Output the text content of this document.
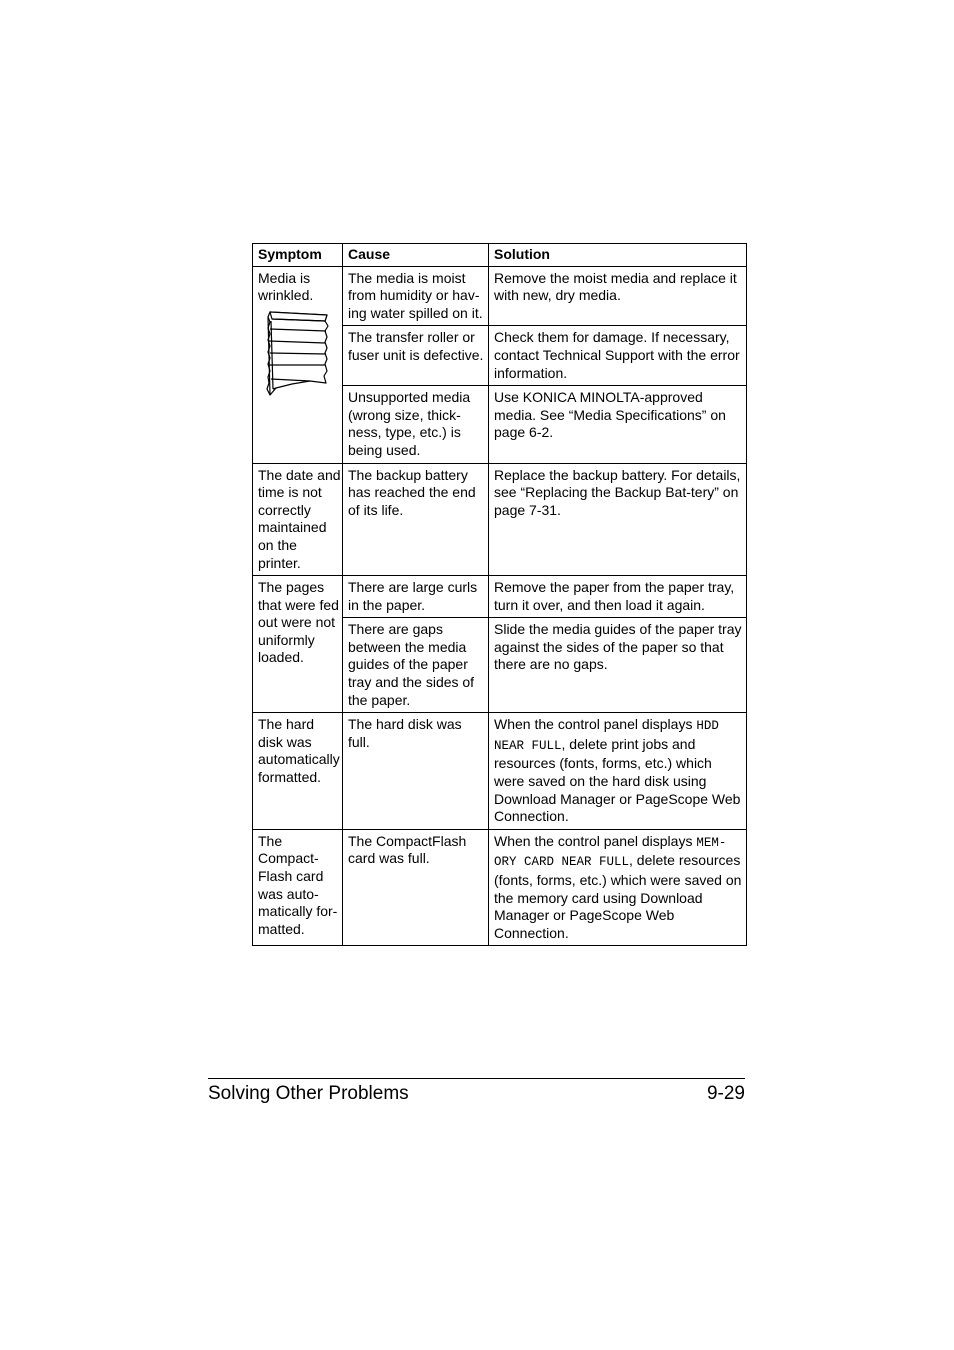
Symptom	Cause	Solution

Media is wrinkled.	The media is moist from humidity or hav-ing water spilled on it.	Remove the moist media and replace it with new, dry media.
	The transfer roller or fuser unit is defective.	Check them for damage. If necessary, contact Technical Support with the error information.
	Unsupported media (wrong size, thick-ness, type, etc.) is being used.	Use KONICA MINOLTA-approved media. See “Media Specifications” on page 6-2.
The date and time is not correctly maintained on the printer.	The backup battery has reached the end of its life.	Replace the backup battery. For details, see “Replacing the Backup Bat-tery” on page 7-31.
The pages that were fed out were not uniformly loaded.	There are large curls in the paper.	Remove the paper from the paper tray, turn it over, and then load it again.
	There are gaps between the media guides of the paper tray and the sides of the paper.	Slide the media guides of the paper tray against the sides of the paper so that there are no gaps.
The hard disk was automatically formatted.	The hard disk was full.	When the control panel displays HDD NEAR FULL, delete print jobs and resources (fonts, forms, etc.) which were saved on the hard disk using Download Manager or PageScope Web Connection.
The Compact-Flash card was auto-matically for-matted.	The CompactFlash card was full.	When the control panel displays MEM-ORY CARD NEAR FULL, delete resources (fonts, forms, etc.) which were saved on the memory card using Download Manager or PageScope Web Connection.
Solving Other Problems	9-29
